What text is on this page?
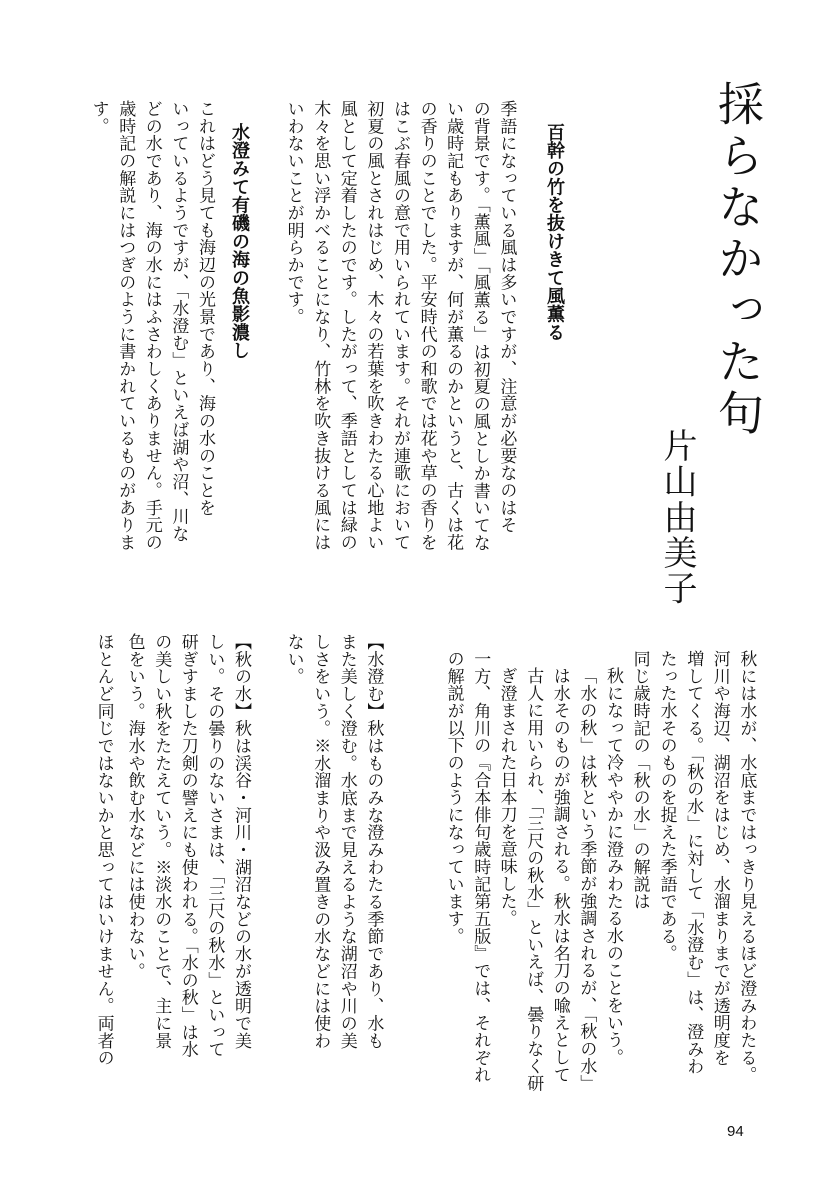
採らなかった句
片山由美子
百幹の竹を抜けきて風薫る
季語になっている風は多いですが、注意が必要なのはそ
の背景です。「薫風」「風薫る」は初夏の風としか書いてな
い歳時記もありますが、何が薫るのかというと、古くは花
の香りのことでした。平安時代の和歌では花や草の香りを
はこぶ春風の意で用いられています。それが連歌において
初夏の風とされはじめ、木々の若葉を吹きわたる心地よい
風として定着したのです。したがって、季語としては緑の
木々を思い浮かべることになり、竹林を吹き抜ける風には
いわないことが明らかです。
水澄みて有磯の海の魚影濃し
これはどう見ても海辺の光景であり、海の水のことを
いっているようですが、「水澄む」といえば湖や沼、川な
どの水であり、海の水にはふさわしくありません。手元の
歳時記の解説にはつぎのように書かれているものがありま
す。
秋には水が、水底まではっきり見えるほど澄みわたる。
河川や海辺、湖沼をはじめ、水溜まりまでが透明度を
増してくる。「秋の水」に対して「水澄む」は、澄みわ
たった水そのものを捉えた季語である。
同じ歳時記の「秋の水」の解説は
秋になって冷ややかに澄みわたる水のことをいう。
「水の秋」は秋という季節が強調されるが、「秋の水」
は水そのものが強調される。秋水は名刀の喩えとして
古人に用いられ、「三尺の秋水」といえば、曇りなく研
ぎ澄まされた日本刀を意味した。
一方、角川の『合本俳句歳時記第五版』では、それぞれ
の解説が以下のようになっています。
【水澄む】秋はものみな澄みわたる季節であり、水も
また美しく澄む。水底まで見えるような湖沼や川の美
しさをいう。※水溜まりや汲み置きの水などには使わ
ない。
【秋の水】秋は渓谷・河川・湖沼などの水が透明で美
しい。その曇りのないさまは、「三尺の秋水」といって
研ぎすました刀剣の譬えにも使われる。「水の秋」は水
の美しい秋をたたえていう。※淡水のことで、主に景
色をいう。海水や飲む水などには使わない。
ほとんど同じではないかと思ってはいけません。両者の
94
